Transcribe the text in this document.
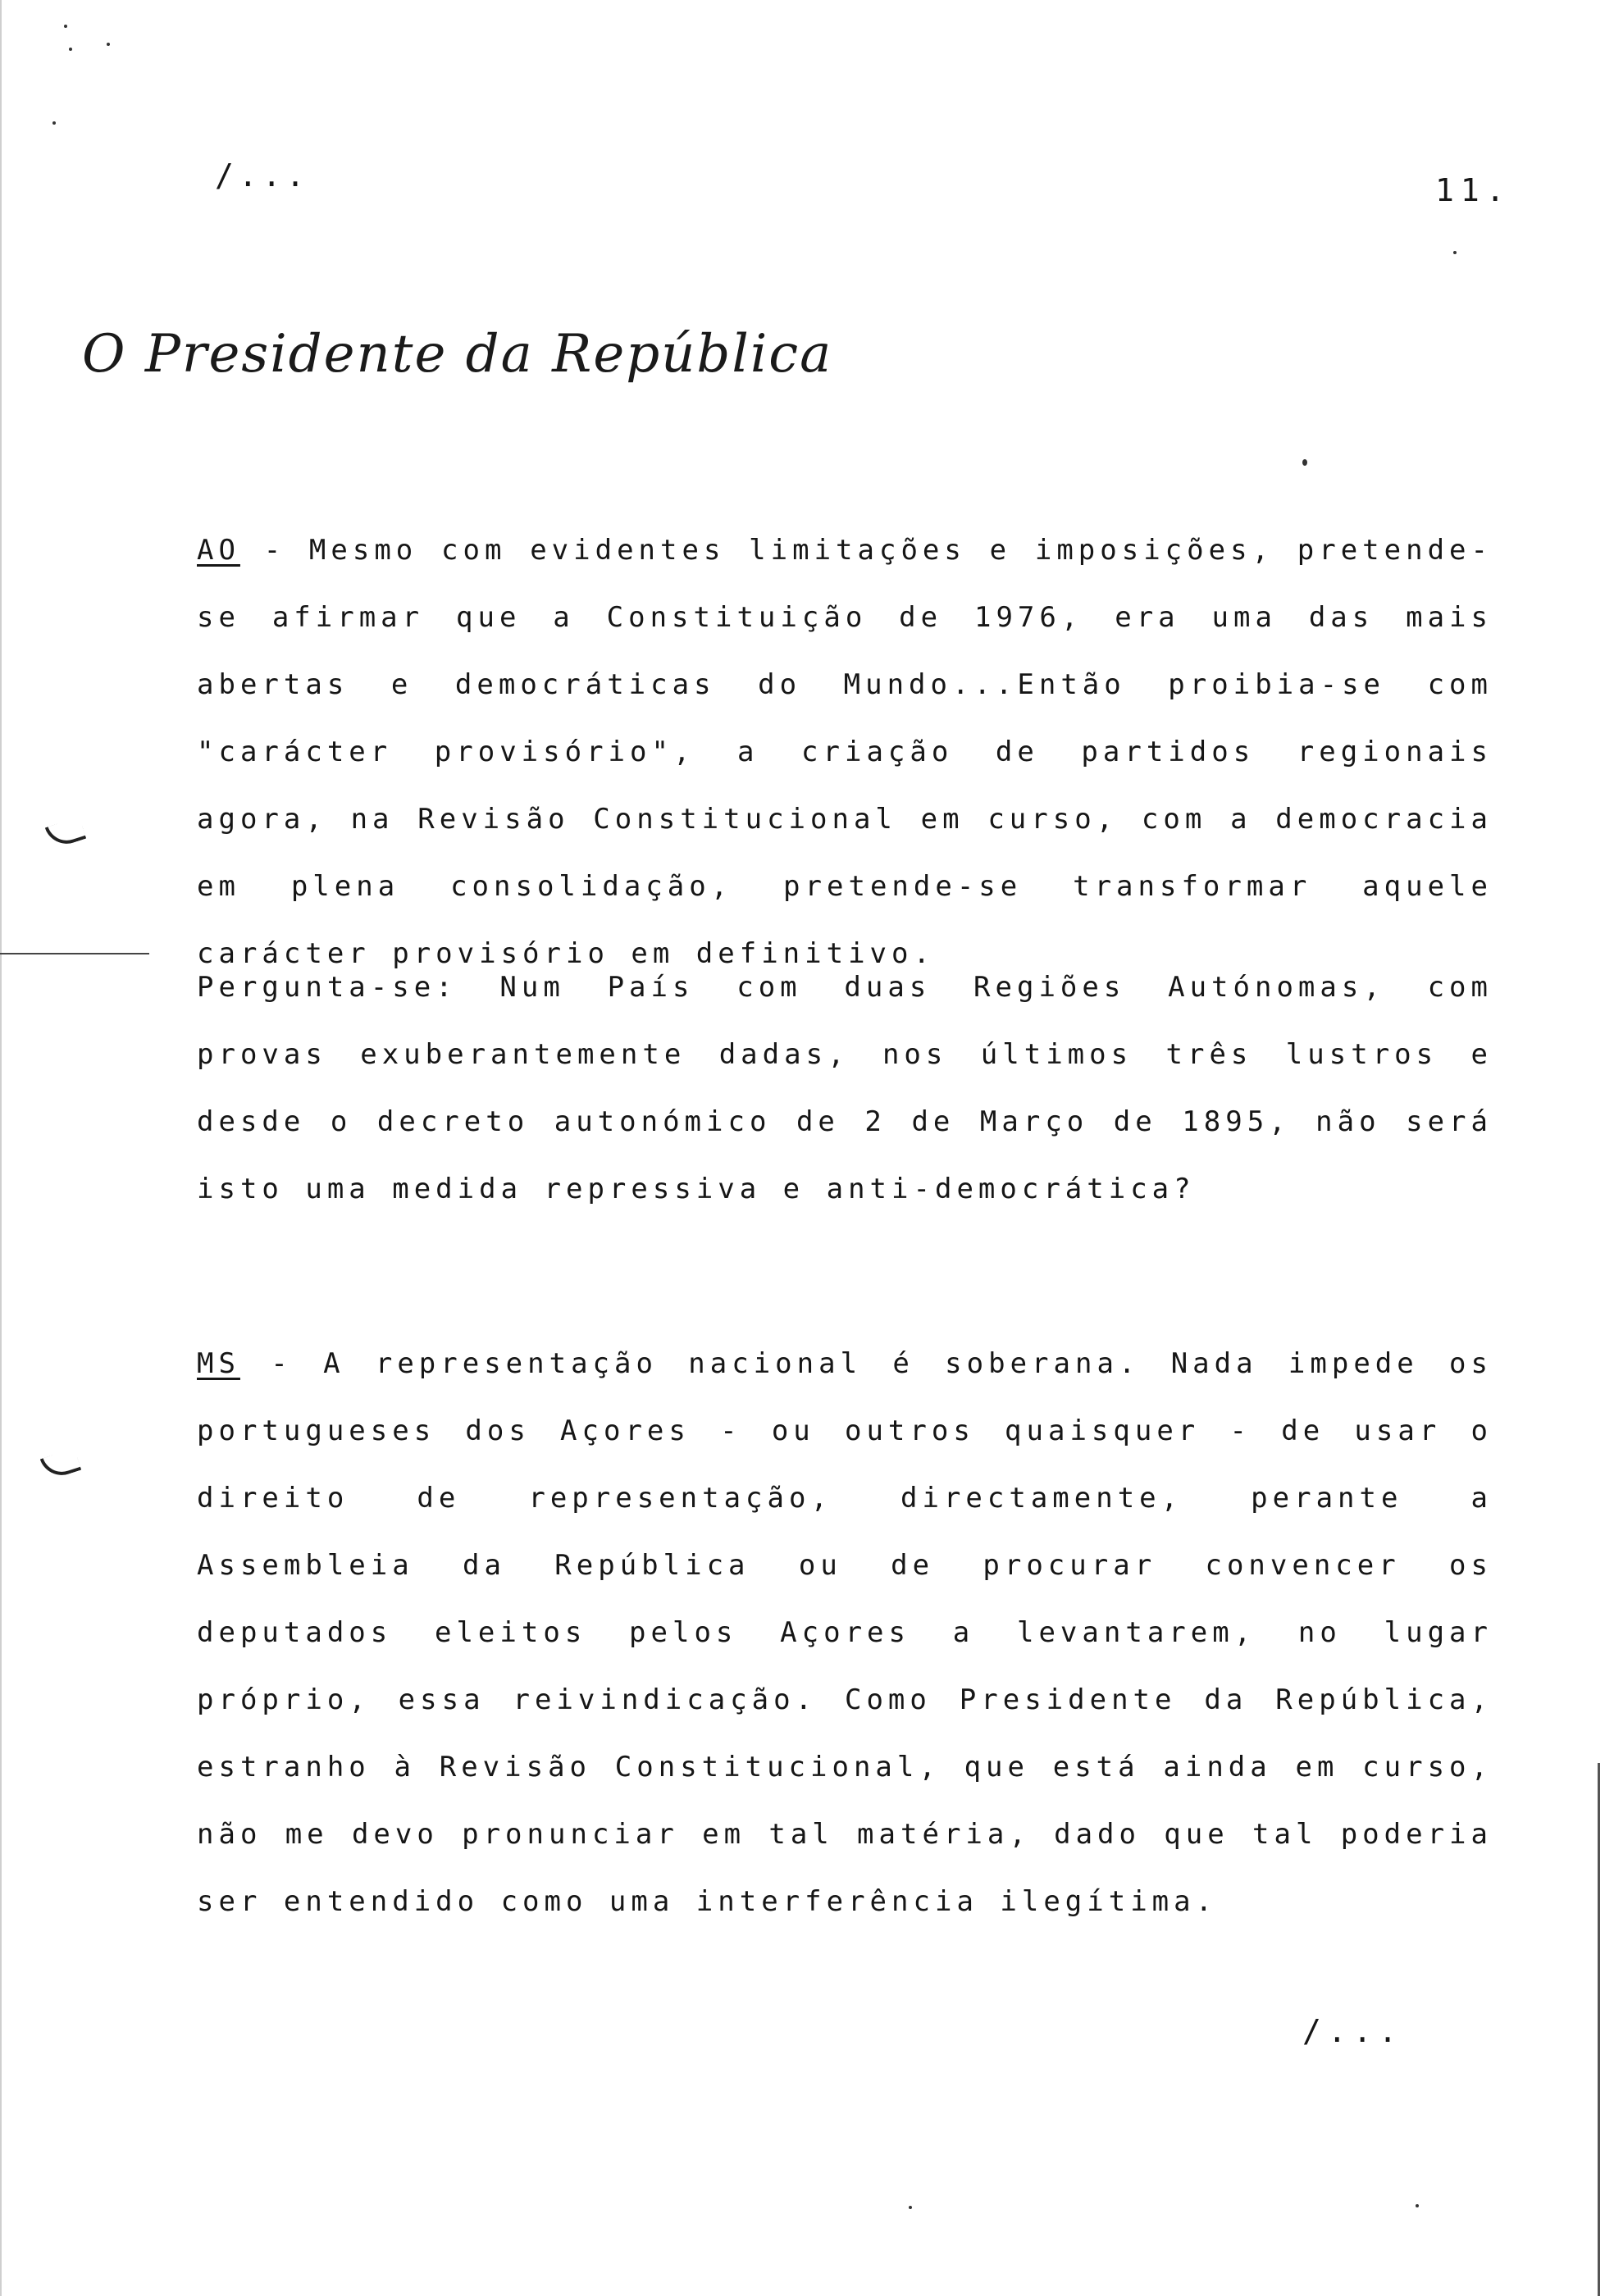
/...	11.
O Presidente da República

AO - Mesmo com evidentes limitações e imposições, pretende-se afirmar que a Constituição de 1976, era uma das mais abertas e democráticas do Mundo...Então proibia-se com "carácter provisório", a criação de partidos regionais agora, na Revisão Constitucional em curso, com a democracia em plena consolidação, pretende-se transformar aquele carácter provisório em definitivo.

Pergunta-se: Num País com duas Regiões Autónomas, com provas exuberantemente dadas, nos últimos três lustros e desde o decreto autonómico de 2 de Março de 1895, não será isto uma medida repressiva e anti-democrática?

MS - A representação nacional é soberana. Nada impede os portugueses dos Açores - ou outros quaisquer - de usar o direito de representação, directamente, perante a Assembleia da República ou de procurar convencer os deputados eleitos pelos Açores a levantarem, no lugar próprio, essa reivindicação. Como Presidente da República, estranho à Revisão Constitucional, que está ainda em curso, não me devo pronunciar em tal matéria, dado que tal poderia ser entendido como uma interferência ilegítima.

/...
